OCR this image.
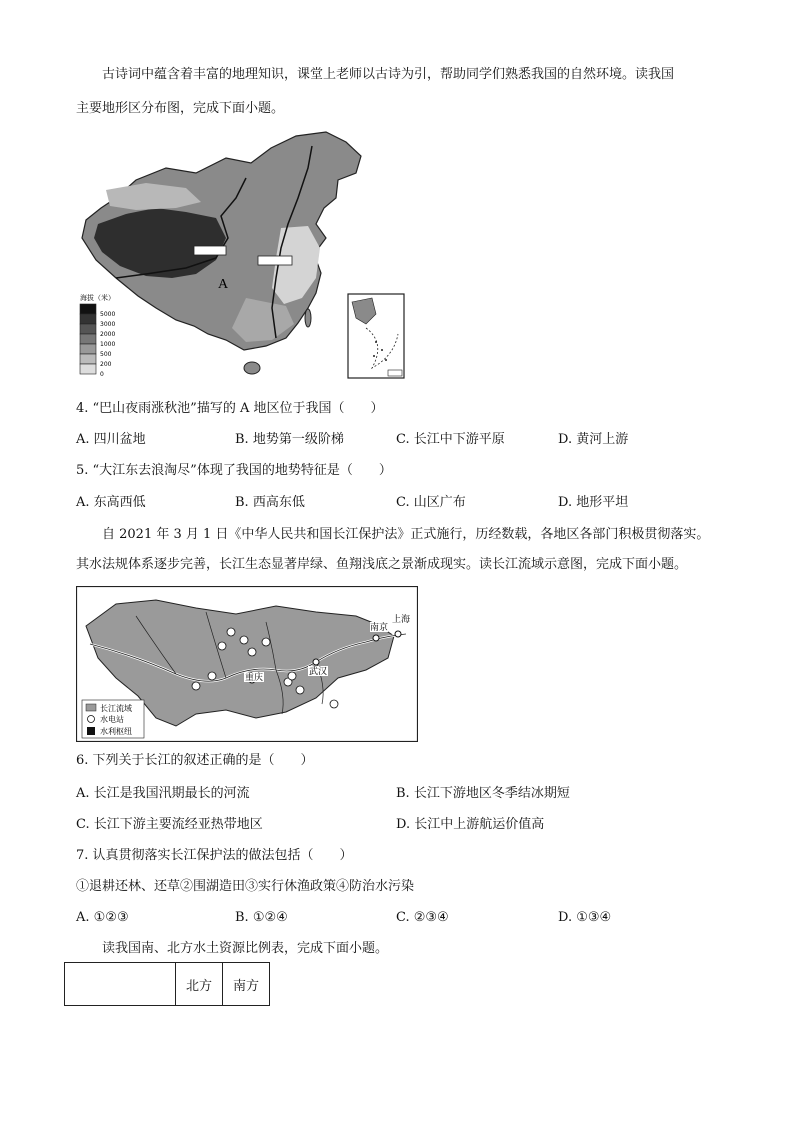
古诗词中蕴含着丰富的地理知识，课堂上老师以古诗为引，帮助同学们熟悉我国的自然环境。读我国
主要地形区分布图，完成下面小题。
A
海拔（米）
5000
3000
2000
1000
500
200
0
4. “巴山夜雨涨秋池”描写的 A 地区位于我国（　　）
A. 四川盆地	B. 地势第一级阶梯	C. 长江中下游平原	D. 黄河上游
5. “大江东去浪淘尽”体现了我国的地势特征是（　　）
A. 东高西低	B. 西高东低	C. 山区广布	D. 地形平坦
自 2021 年 3 月 1 日《中华人民共和国长江保护法》正式施行，历经数载，各地区各部门积极贯彻落实。
其水法规体系逐步完善，长江生态显著岸绿、鱼翔浅底之景渐成现实。读长江流域示意图，完成下面小题。
南京
上海
武汉
重庆
长江流域
水电站
水利枢纽
6. 下列关于长江的叙述正确的是（　　）
A. 长江是我国汛期最长的河流	B. 长江下游地区冬季结冰期短
C. 长江下游主要流经亚热带地区	D. 长江中上游航运价值高
7. 认真贯彻落实长江保护法的做法包括（　　）
①退耕还林、还草②围湖造田③实行休渔政策④防治水污染
A. ①②③	B. ①②④	C. ②③④	D. ①③④
读我国南、北方水土资源比例表，完成下面小题。
	北方	南方
